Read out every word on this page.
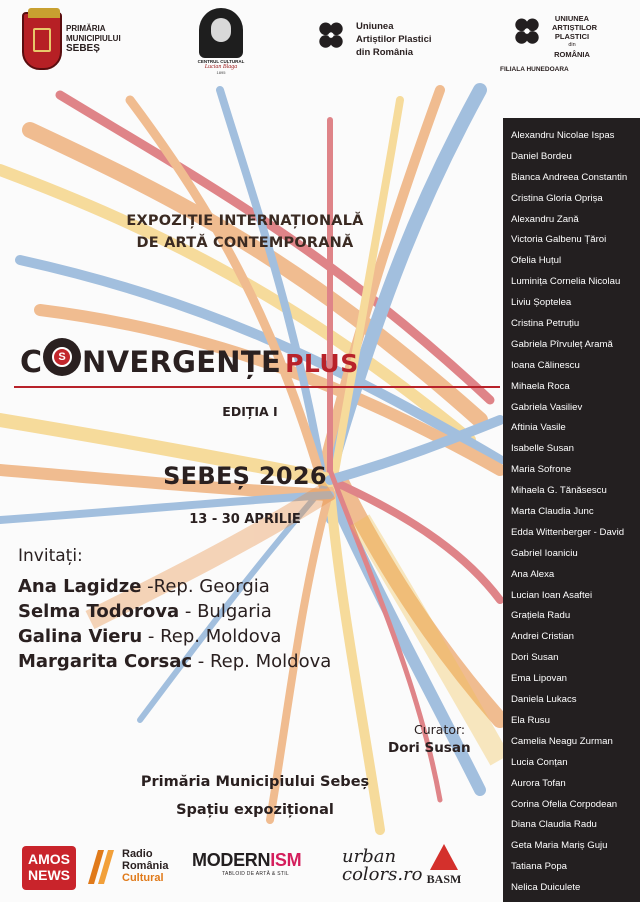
PRIMĂRIA
MUNICIPIULUI
SEBEȘ
CENTRUL CULTURAL
Lucian Blaga
1895
Uniunea
Artiștilor Plastici
din România
UNIUNEA
ARTIȘTILOR
PLASTICI
din
ROMÂNIA
FILIALA HUNEDOARA
EXPOZIȚIE INTERNAȚIONALĂ
DE ARTĂ CONTEMPORANĂ
C	S NVERGENȚE PLUS
EDIȚIA I
SEBEȘ 2026
13 - 30 APRILIE
Invitați:
Ana Lagidze -Rep. Georgia
Selma Todorova - Bulgaria
Galina Vieru - Rep. Moldova
Margarita Corsac - Rep. Moldova
Curator:
Dori Susan
Primăria Municipiului Sebeș
Spațiu expozițional
Alexandru Nicolae Ispas
Daniel Bordeu
Bianca Andreea Constantin
Cristina Gloria Oprișa
Alexandru Zană
Victoria Galbenu Țăroi
Ofelia Huțul
Luminița Cornelia Nicolau
Liviu Șoptelea
Cristina Petruțiu
Gabriela Pîrvuleț Aramă
Ioana Călinescu
Mihaela Roca
Gabriela Vasiliev
Aftinia Vasile
Isabelle Susan
Maria Sofrone
Mihaela G. Tănăsescu
Marta Claudia Junc
Edda Wittenberger - David
Gabriel Ioaniciu
Ana Alexa
Lucian Ioan Asaftei
Grațiela Radu
Andrei Cristian
Dori Susan
Ema Lipovan
Daniela Lukacs
Ela Rusu
Camelia Neagu Zurman
Lucia Conțan
Aurora Tofan
Corina Ofelia Corpodean
Diana Claudia Radu
Geta Maria Mariș Guju
Tatiana Popa
Nelica Duiculete
AMOS
NEWS
Radio
România
Cultural
MODERNISM
TABLOID DE ARTĂ & STIL
urban
colors.ro BASM
